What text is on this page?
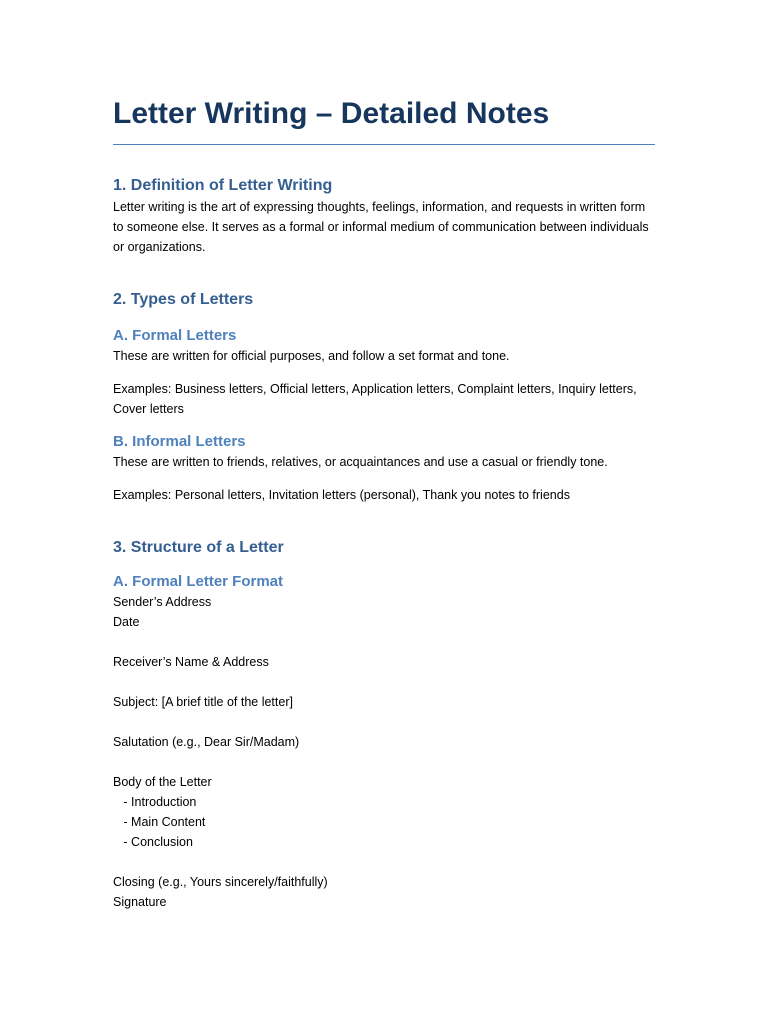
Letter Writing – Detailed Notes
1. Definition of Letter Writing

Letter writing is the art of expressing thoughts, feelings, information, and requests in written form to someone else. It serves as a formal or informal medium of communication between individuals or organizations.

2. Types of Letters
A. Formal Letters

These are written for official purposes, and follow a set format and tone.

Examples: Business letters, Official letters, Application letters, Complaint letters, Inquiry letters, Cover letters

B. Informal Letters

These are written to friends, relatives, or acquaintances and use a casual or friendly tone.

Examples: Personal letters, Invitation letters (personal), Thank you notes to friends

3. Structure of a Letter
A. Formal Letter Format
Sender’s Address
Date
Receiver’s Name & Address
Subject: [A brief title of the letter]
Salutation (e.g., Dear Sir/Madam)
Body of the Letter
- Introduction
- Main Content
- Conclusion
Closing (e.g., Yours sincerely/faithfully)
Signature
